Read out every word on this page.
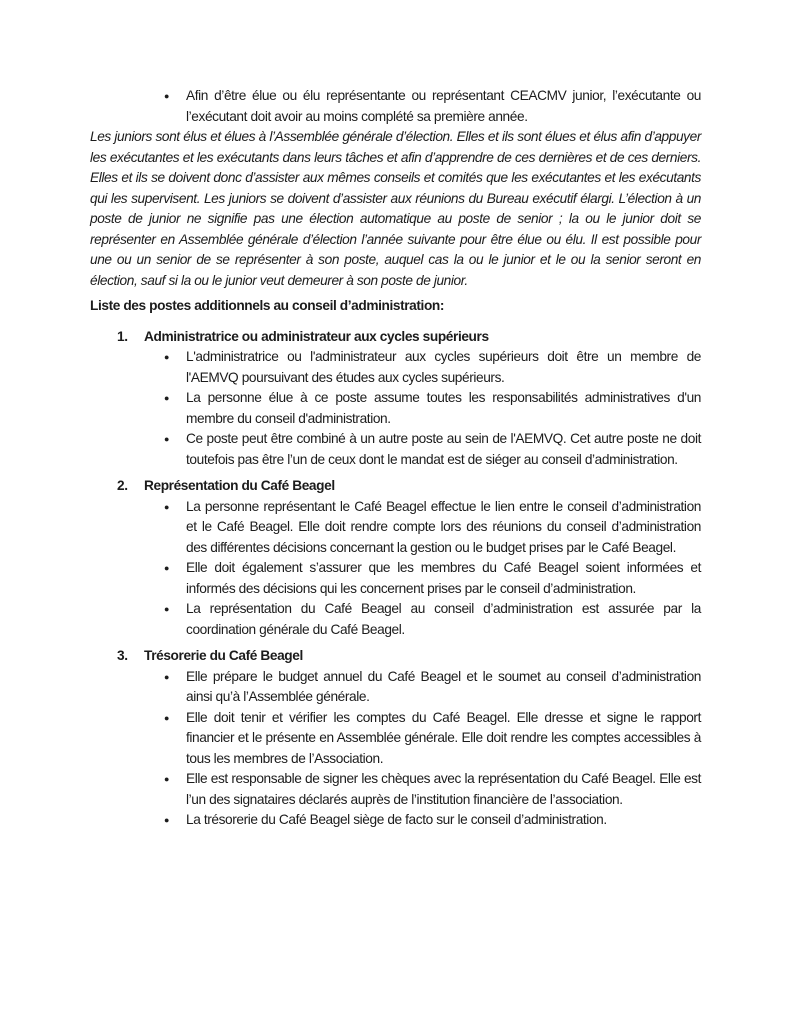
● Afin d’être élue ou élu représentante ou représentant CEACMV junior, l’exécutante ou l’exécutant doit avoir au moins complété sa première année.

Les juniors sont élus et élues à l’Assemblée générale d’élection. Elles et ils sont élues et élus afin d’appuyer les exécutantes et les exécutants dans leurs tâches et afin d’apprendre de ces dernières et de ces derniers. Elles et ils se doivent donc d’assister aux mêmes conseils et comités que les exécutantes et les exécutants qui les supervisent. Les juniors se doivent d’assister aux réunions du Bureau exécutif élargi. L’élection à un poste de junior ne signifie pas une élection automatique au poste de senior ; la ou le junior doit se représenter en Assemblée générale d’élection l’année suivante pour être élue ou élu. Il est possible pour une ou un senior de se représenter à son poste, auquel cas la ou le junior et le ou la senior seront en élection, sauf si la ou le junior veut demeurer à son poste de junior.

Liste des postes additionnels au conseil d’administration:

1. Administratrice ou administrateur aux cycles supérieurs
● L'administratrice ou l'administrateur aux cycles supérieurs doit être un membre de l'AEMVQ poursuivant des études aux cycles supérieurs.
● La personne élue à ce poste assume toutes les responsabilités administratives d'un membre du conseil d'administration.
● Ce poste peut être combiné à un autre poste au sein de l'AEMVQ. Cet autre poste ne doit toutefois pas être l’un de ceux dont le mandat est de siéger au conseil d’administration.
2. Représentation du Café Beagel
● La personne représentant le Café Beagel effectue le lien entre le conseil d’administration et le Café Beagel. Elle doit rendre compte lors des réunions du conseil d’administration des différentes décisions concernant la gestion ou le budget prises par le Café Beagel.
● Elle doit également s’assurer que les membres du Café Beagel soient informées et informés des décisions qui les concernent prises par le conseil d’administration.
● La représentation du Café Beagel au conseil d’administration est assurée par la coordination générale du Café Beagel.
3. Trésorerie du Café Beagel
● Elle prépare le budget annuel du Café Beagel et le soumet au conseil d’administration ainsi qu’à l’Assemblée générale.
● Elle doit tenir et vérifier les comptes du Café Beagel. Elle dresse et signe le rapport financier et le présente en Assemblée générale. Elle doit rendre les comptes accessibles à tous les membres de l’Association.
● Elle est responsable de signer les chèques avec la représentation du Café Beagel. Elle est l’un des signataires déclarés auprès de l’institution financière de l’association.
● La trésorerie du Café Beagel siège de facto sur le conseil d’administration.
